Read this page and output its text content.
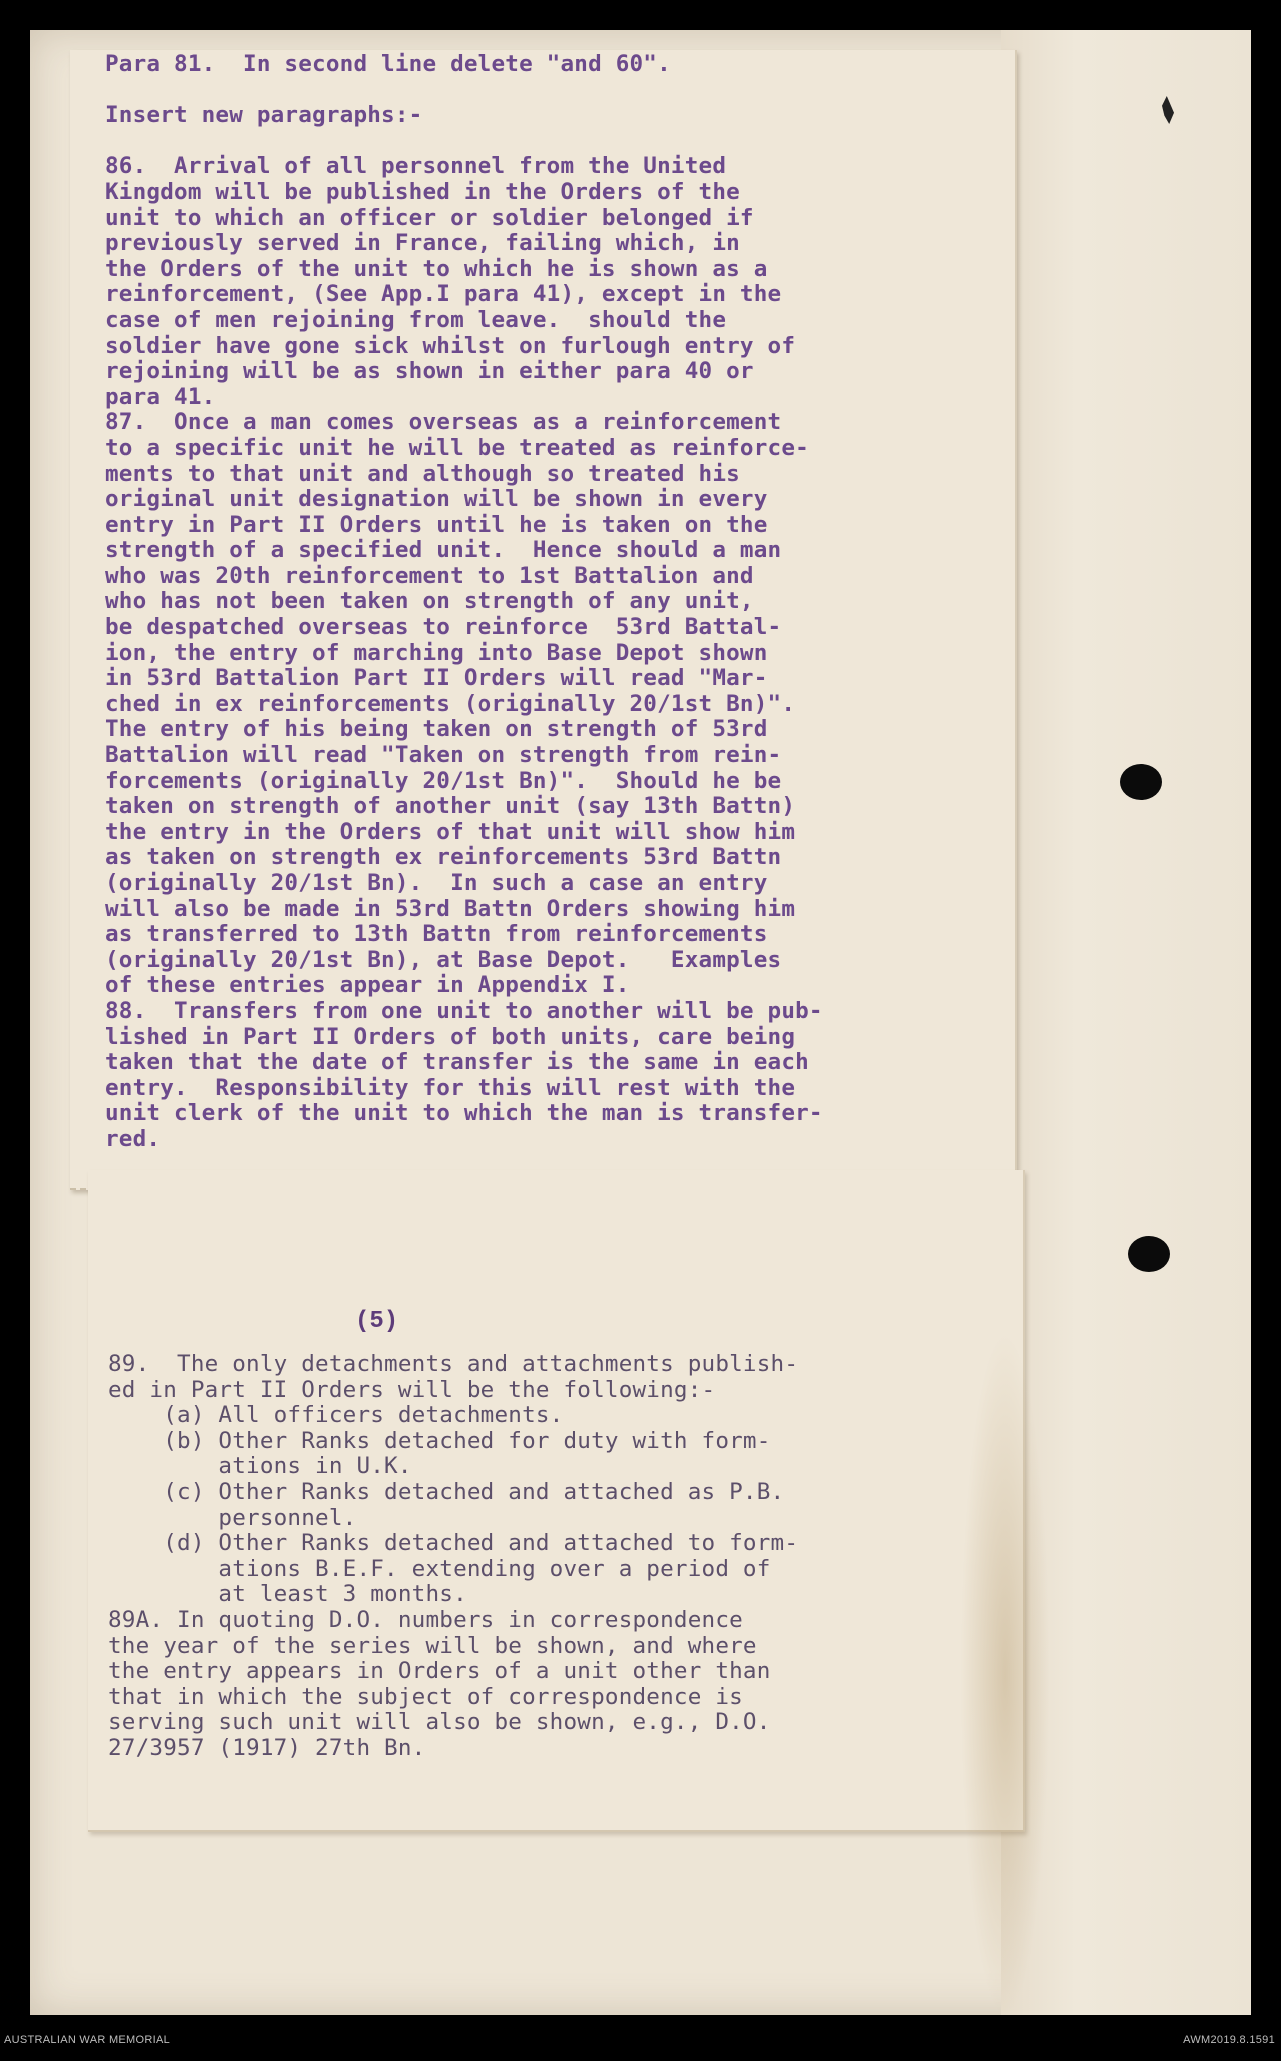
Para 81.  In second line delete "and 60".

Insert new paragraphs:-

86.  Arrival of all personnel from the United
Kingdom will be published in the Orders of the
unit to which an officer or soldier belonged if
previously served in France, failing which, in
the Orders of the unit to which he is shown as a
reinforcement, (See App.I para 41), except in the
case of men rejoining from leave.  should the
soldier have gone sick whilst on furlough entry of
rejoining will be as shown in either para 40 or
para 41.
87.  Once a man comes overseas as a reinforcement
to a specific unit he will be treated as reinforce-
ments to that unit and although so treated his
original unit designation will be shown in every
entry in Part II Orders until he is taken on the
strength of a specified unit.  Hence should a man
who was 20th reinforcement to 1st Battalion and
who has not been taken on strength of any unit,
be despatched overseas to reinforce  53rd Battal-
ion, the entry of marching into Base Depot shown
in 53rd Battalion Part II Orders will read "Mar-
ched in ex reinforcements (originally 20/1st Bn)".
The entry of his being taken on strength of 53rd
Battalion will read "Taken on strength from rein-
forcements (originally 20/1st Bn)".  Should he be
taken on strength of another unit (say 13th Battn)
the entry in the Orders of that unit will show him
as taken on strength ex reinforcements 53rd Battn
(originally 20/1st Bn).  In such a case an entry
will also be made in 53rd Battn Orders showing him
as transferred to 13th Battn from reinforcements
(originally 20/1st Bn), at Base Depot.   Examples
of these entries appear in Appendix I.
88.  Transfers from one unit to another will be pub-
lished in Part II Orders of both units, care being
taken that the date of transfer is the same in each
entry.  Responsibility for this will rest with the
unit clerk of the unit to which the man is transfer-
red.
(5)
89.  The only detachments and attachments publish-
ed in Part II Orders will be the following:-
(a) All officers detachments.
(b) Other Ranks detached for duty with form-
ations in U.K.
(c) Other Ranks detached and attached as P.B.
personnel.
(d) Other Ranks detached and attached to form-
ations B.E.F. extending over a period of
at least 3 months.
89A. In quoting D.O. numbers in correspondence
the year of the series will be shown, and where
the entry appears in Orders of a unit other than
that in which the subject of correspondence is
serving such unit will also be shown, e.g., D.O.
27/3957 (1917) 27th Bn.
AUSTRALIAN WAR MEMORIAL	AWM2019.8.1591
